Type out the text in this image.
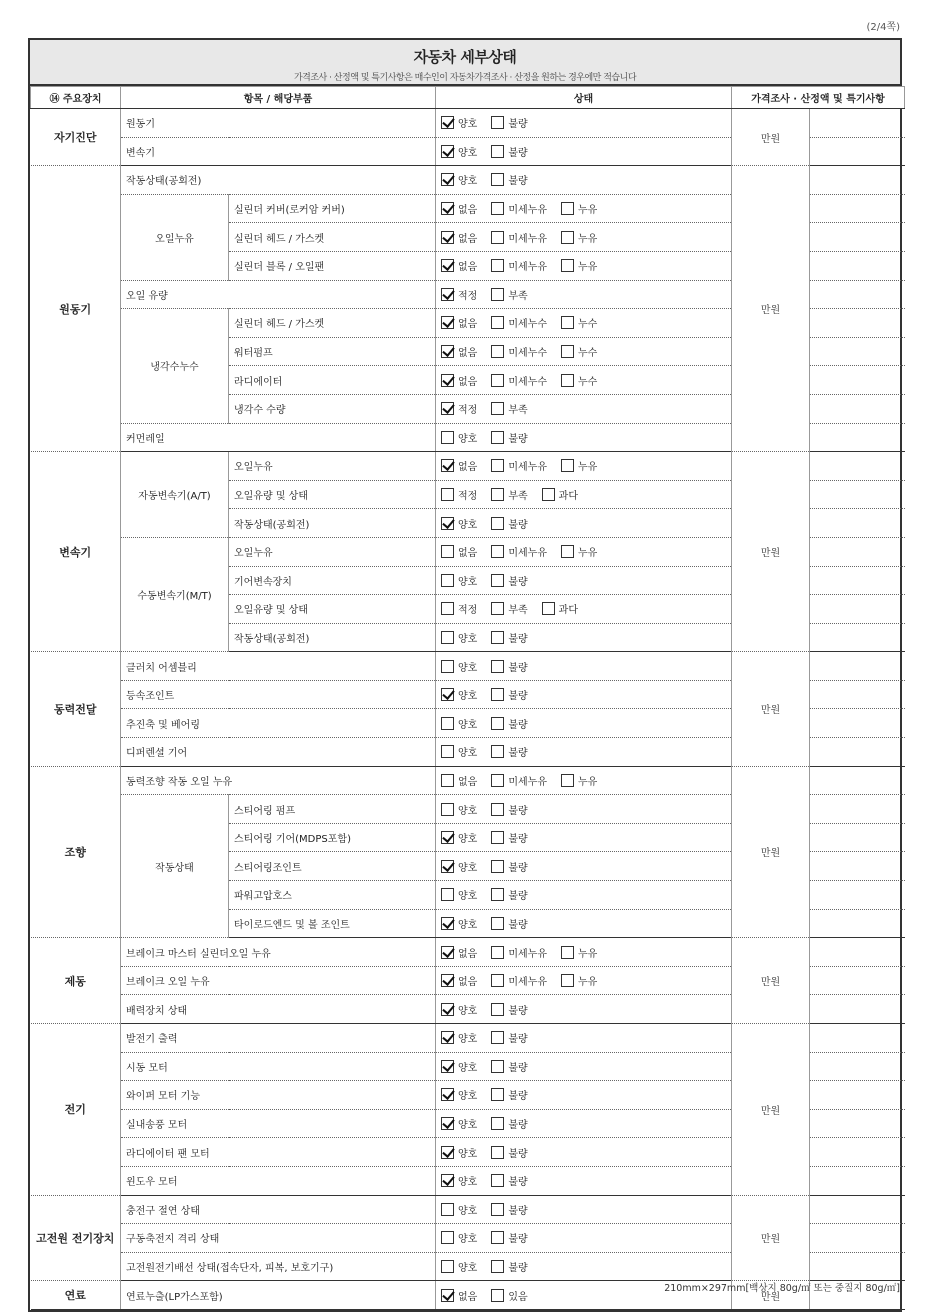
(2/4쪽)
자동차 세부상태
가격조사 · 산정액 및 특기사항은 매수인이 자동차가격조사 · 산정을 원하는 경우에만 적습니다
⑭ 주요장치	항목 / 해당부품		상태	가격조사 · 산정액 및 특기사항	
자기진단	원동기		양호 불량	만원	
	변속기		양호 불량		

원동기	작동상태(공회전)		양호 불량	만원	
	오일누유	실린더 커버(로커암 커버)	없음 미세누유 누유		

		실린더 헤드 / 가스켓	없음 미세누유 누유		

		실린더 블록 / 오일팬	없음 미세누유 누유		

	오일 유량		적정 부족		

	냉각수누수	실린더 헤드 / 가스켓	없음 미세누수 누수		

		워터펌프	없음 미세누수 누수		

		라디에이터	없음 미세누수 누수		

		냉각수 수량	적정 부족		

	커먼레일		양호 불량		

변속기	자동변속기(A/T)	오일누유	없음 미세누유 누유	만원	
		오일유량 및 상태	적정 부족 과다		

		작동상태(공회전)	양호 불량		

	수동변속기(M/T)	오일누유	없음 미세누유 누유		

		기어변속장치	양호 불량		

		오일유량 및 상태	적정 부족 과다		

		작동상태(공회전)	양호 불량		

동력전달	클러치 어셈블리		양호 불량	만원	
	등속조인트		양호 불량		

	추진축 및 베어링		양호 불량		

	디퍼렌셜 기어		양호 불량		

조향	동력조향 작동 오일 누유		없음 미세누유 누유	만원	
	작동상태	스티어링 펌프	양호 불량		

		스티어링 기어(MDPS포함)	양호 불량		

		스티어링조인트	양호 불량		

		파워고압호스	양호 불량		

		타이로드엔드 및 볼 조인트	양호 불량		

제동	브레이크 마스터 실린더오일 누유		없음 미세누유 누유	만원	
	브레이크 오일 누유		없음 미세누유 누유		

	배력장치 상태		양호 불량		

전기	발전기 출력		양호 불량	만원	
	시동 모터		양호 불량		

	와이퍼 모터 기능		양호 불량		

	실내송풍 모터		양호 불량		

	라디에이터 팬 모터		양호 불량		

	윈도우 모터		양호 불량		

고전원 전기장치	충전구 절연 상태		양호 불량	만원	
	구동축전지 격리 상태		양호 불량		

	고전원전기배선 상태(접속단자, 피복, 보호기구)		양호 불량		

연료	연료누출(LP가스포함)		없음 있음	만원	
210mm×297mm[백상지 80g/㎡ 또는 중질지 80g/㎡]
